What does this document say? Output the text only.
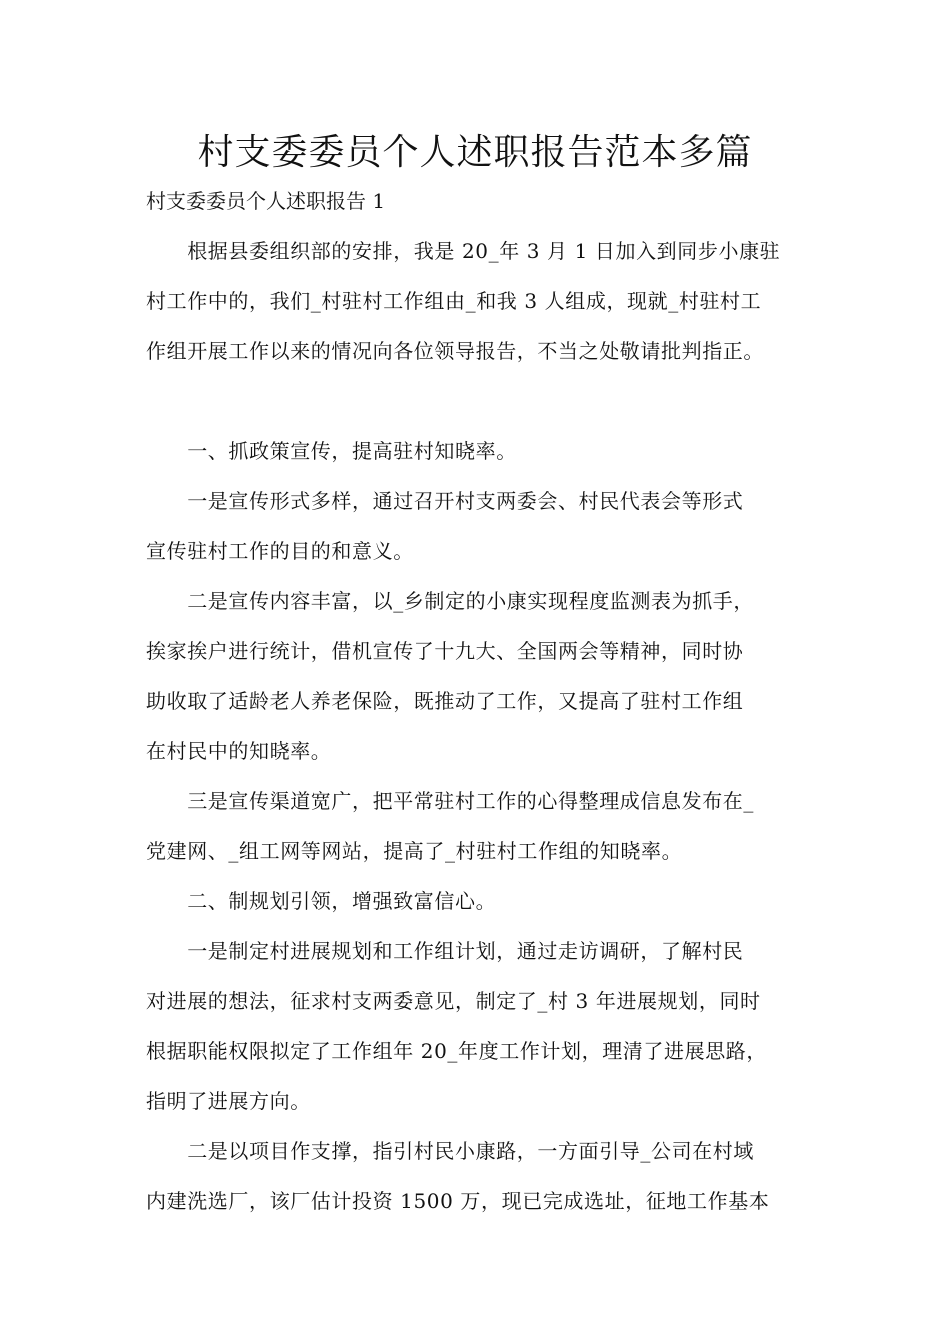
村支委委员个人述职报告范本多篇

村支委委员个人述职报告 1

　　根据县委组织部的安排，我是 20_年 3 月 1 日加入到同步小康驻

村工作中的，我们_村驻村工作组由_和我 3 人组成，现就_村驻村工

作组开展工作以来的情况向各位领导报告，不当之处敬请批判指正。

　　一、抓政策宣传，提高驻村知晓率。

　　一是宣传形式多样，通过召开村支两委会、村民代表会等形式

宣传驻村工作的目的和意义。

　　二是宣传内容丰富，以_乡制定的小康实现程度监测表为抓手，

挨家挨户进行统计，借机宣传了十九大、全国两会等精神，同时协

助收取了适龄老人养老保险，既推动了工作，又提高了驻村工作组

在村民中的知晓率。

　　三是宣传渠道宽广，把平常驻村工作的心得整理成信息发布在_

党建网、_组工网等网站，提高了_村驻村工作组的知晓率。

　　二、制规划引领，增强致富信心。

　　一是制定村进展规划和工作组计划，通过走访调研，了解村民

对进展的想法，征求村支两委意见，制定了_村 3 年进展规划，同时

根据职能权限拟定了工作组年 20_年度工作计划，理清了进展思路，

指明了进展方向。

　　二是以项目作支撑，指引村民小康路，一方面引导_公司在村域

内建洗选厂，该厂估计投资 1500 万，现已完成选址，征地工作基本
